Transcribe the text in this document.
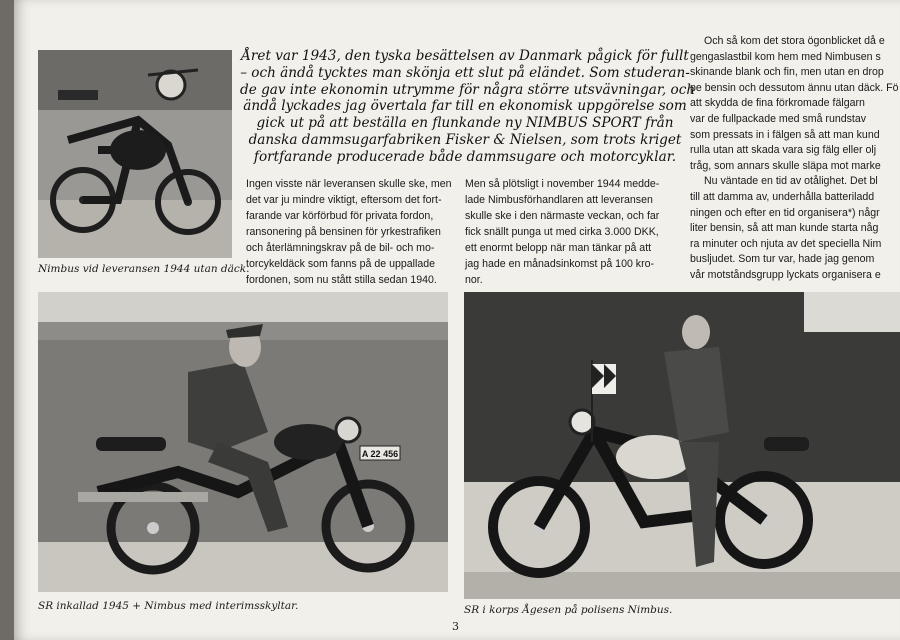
Nimbus vid leveransen 1944 utan däck.
Året var 1943, den tyska besättelsen av Danmark pågick för fullt
– och ändå tycktes man skönja ett slut på eländet. Som studeran-
de gav inte ekonomin utrymme för några större utsvävningar, och
ändå lyckades jag övertala far till en ekonomisk uppgörelse som
gick ut på att beställa en flunkande ny NIMBUS SPORT från
danska dammsugarfabriken Fisker & Nielsen, som trots kriget
fortfarande producerade både dammsugare och motorcyklar.
Ingen visste när leveransen skulle ske, men
det var ju mindre viktigt, eftersom det fort-
farande var körförbud för privata fordon,
ransonering på bensinen för yrkestrafiken
och återlämningskrav på de bil- och mo-
torcykeldäck som fanns på de uppallade
fordonen, som nu stått stilla sedan 1940.
Men så plötsligt i november 1944 medde-
lade Nimbusförhandlaren att leveransen
skulle ske i den närmaste veckan, och far
fick snällt punga ut med cirka 3.000 DKK,
ett enormt belopp när man tänkar på att
jag hade en månadsinkomst på 100 kro-
nor.
Och så kom det stora ögonblicket då e
gengaslastbil kom hem med Nimbusen s
skinande blank och fin, men utan en drop
pe bensin och dessutom ännu utan däck. Fö
att skydda de fina förkromade fälgarn
var de fullpackade med små rundstav
som pressats in i fälgen så att man kund
rulla utan att skada vara sig fälg eller olj
tråg, som annars skulle släpa mot marke
Nu väntade en tid av otålighet. Det bl
till att damma av, underhålla batteriladd
ningen och efter en tid organisera*) någr
liter bensin, så att man kunde starta någ
ra minuter och njuta av det speciella Nim
busljudet. Som tur var, hade jag genom
vår motståndsgrupp lyckats organisera e
A 22 456
SR inkallad 1945 + Nimbus med interimsskyltar.	SR i korps Ågesen på polisens Nimbus.
3
